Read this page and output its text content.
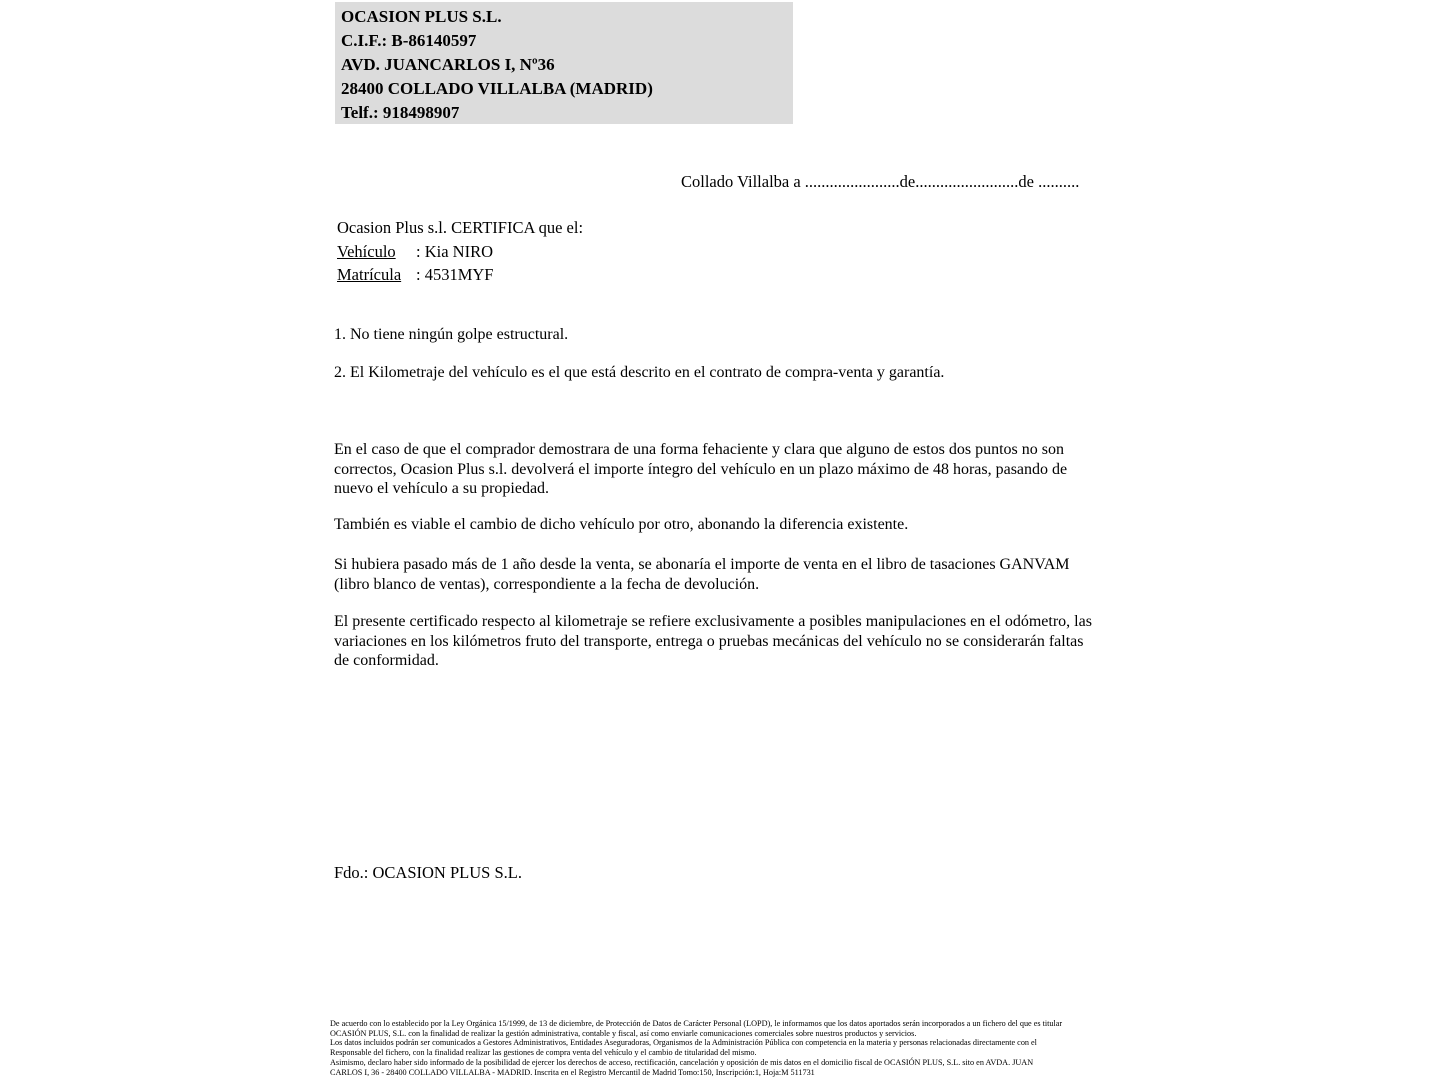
OCASION PLUS S.L.
C.I.F.: B-86140597
AVD. JUANCARLOS I, Nº36
28400 COLLADO VILLALBA (MADRID)
Telf.: 918498907
Collado Villalba a .......................de.........................de ..........
Ocasion Plus s.l. CERTIFICA que el:
Vehículo : Kia NIRO
Matrícula : 4531MYF
1. No tiene ningún golpe estructural.
2. El Kilometraje del vehículo es el que está descrito en el contrato de compra-venta y garantía.
En el caso de que el comprador demostrara de una forma fehaciente y clara que alguno de estos dos puntos no son correctos, Ocasion Plus s.l. devolverá el importe íntegro del vehículo en un plazo máximo de 48 horas, pasando de nuevo el vehículo a su propiedad.
También es viable el cambio de dicho vehículo por otro, abonando la diferencia existente.
Si hubiera pasado más de 1 año desde la venta, se abonaría el importe de venta en el libro de tasaciones GANVAM (libro blanco de ventas), correspondiente a la fecha de devolución.
El presente certificado respecto al kilometraje se refiere exclusivamente a posibles manipulaciones en el odómetro, las variaciones en los kilómetros fruto del transporte, entrega o pruebas mecánicas del vehículo no se considerarán faltas de conformidad.
Fdo.: OCASION PLUS S.L.
De acuerdo con lo establecido por la Ley Orgánica 15/1999, de 13 de diciembre, de Protección de Datos de Carácter Personal (LOPD), le informamos que los datos aportados serán incorporados a un fichero del que es titular
OCASIÓN PLUS, S.L. con la finalidad de realizar la gestión administrativa, contable y fiscal, así como enviarle comunicaciones comerciales sobre nuestros productos y servicios.
Los datos incluidos podrán ser comunicados a Gestores Administrativos, Entidades Aseguradoras, Organismos de la Administración Pública con competencia en la materia y personas relacionadas directamente con el
Responsable del fichero, con la finalidad realizar las gestiones de compra venta del vehículo y el cambio de titularidad del mismo.
Asimismo, declaro haber sido informado de la posibilidad de ejercer los derechos de acceso, rectificación, cancelación y oposición de mis datos en el domicilio fiscal de OCASIÓN PLUS, S.L. sito en AVDA. JUAN
CARLOS I, 36 - 28400 COLLADO VILLALBA - MADRID. Inscrita en el Registro Mercantil de Madrid Tomo:150, Inscripción:1, Hoja:M 511731
